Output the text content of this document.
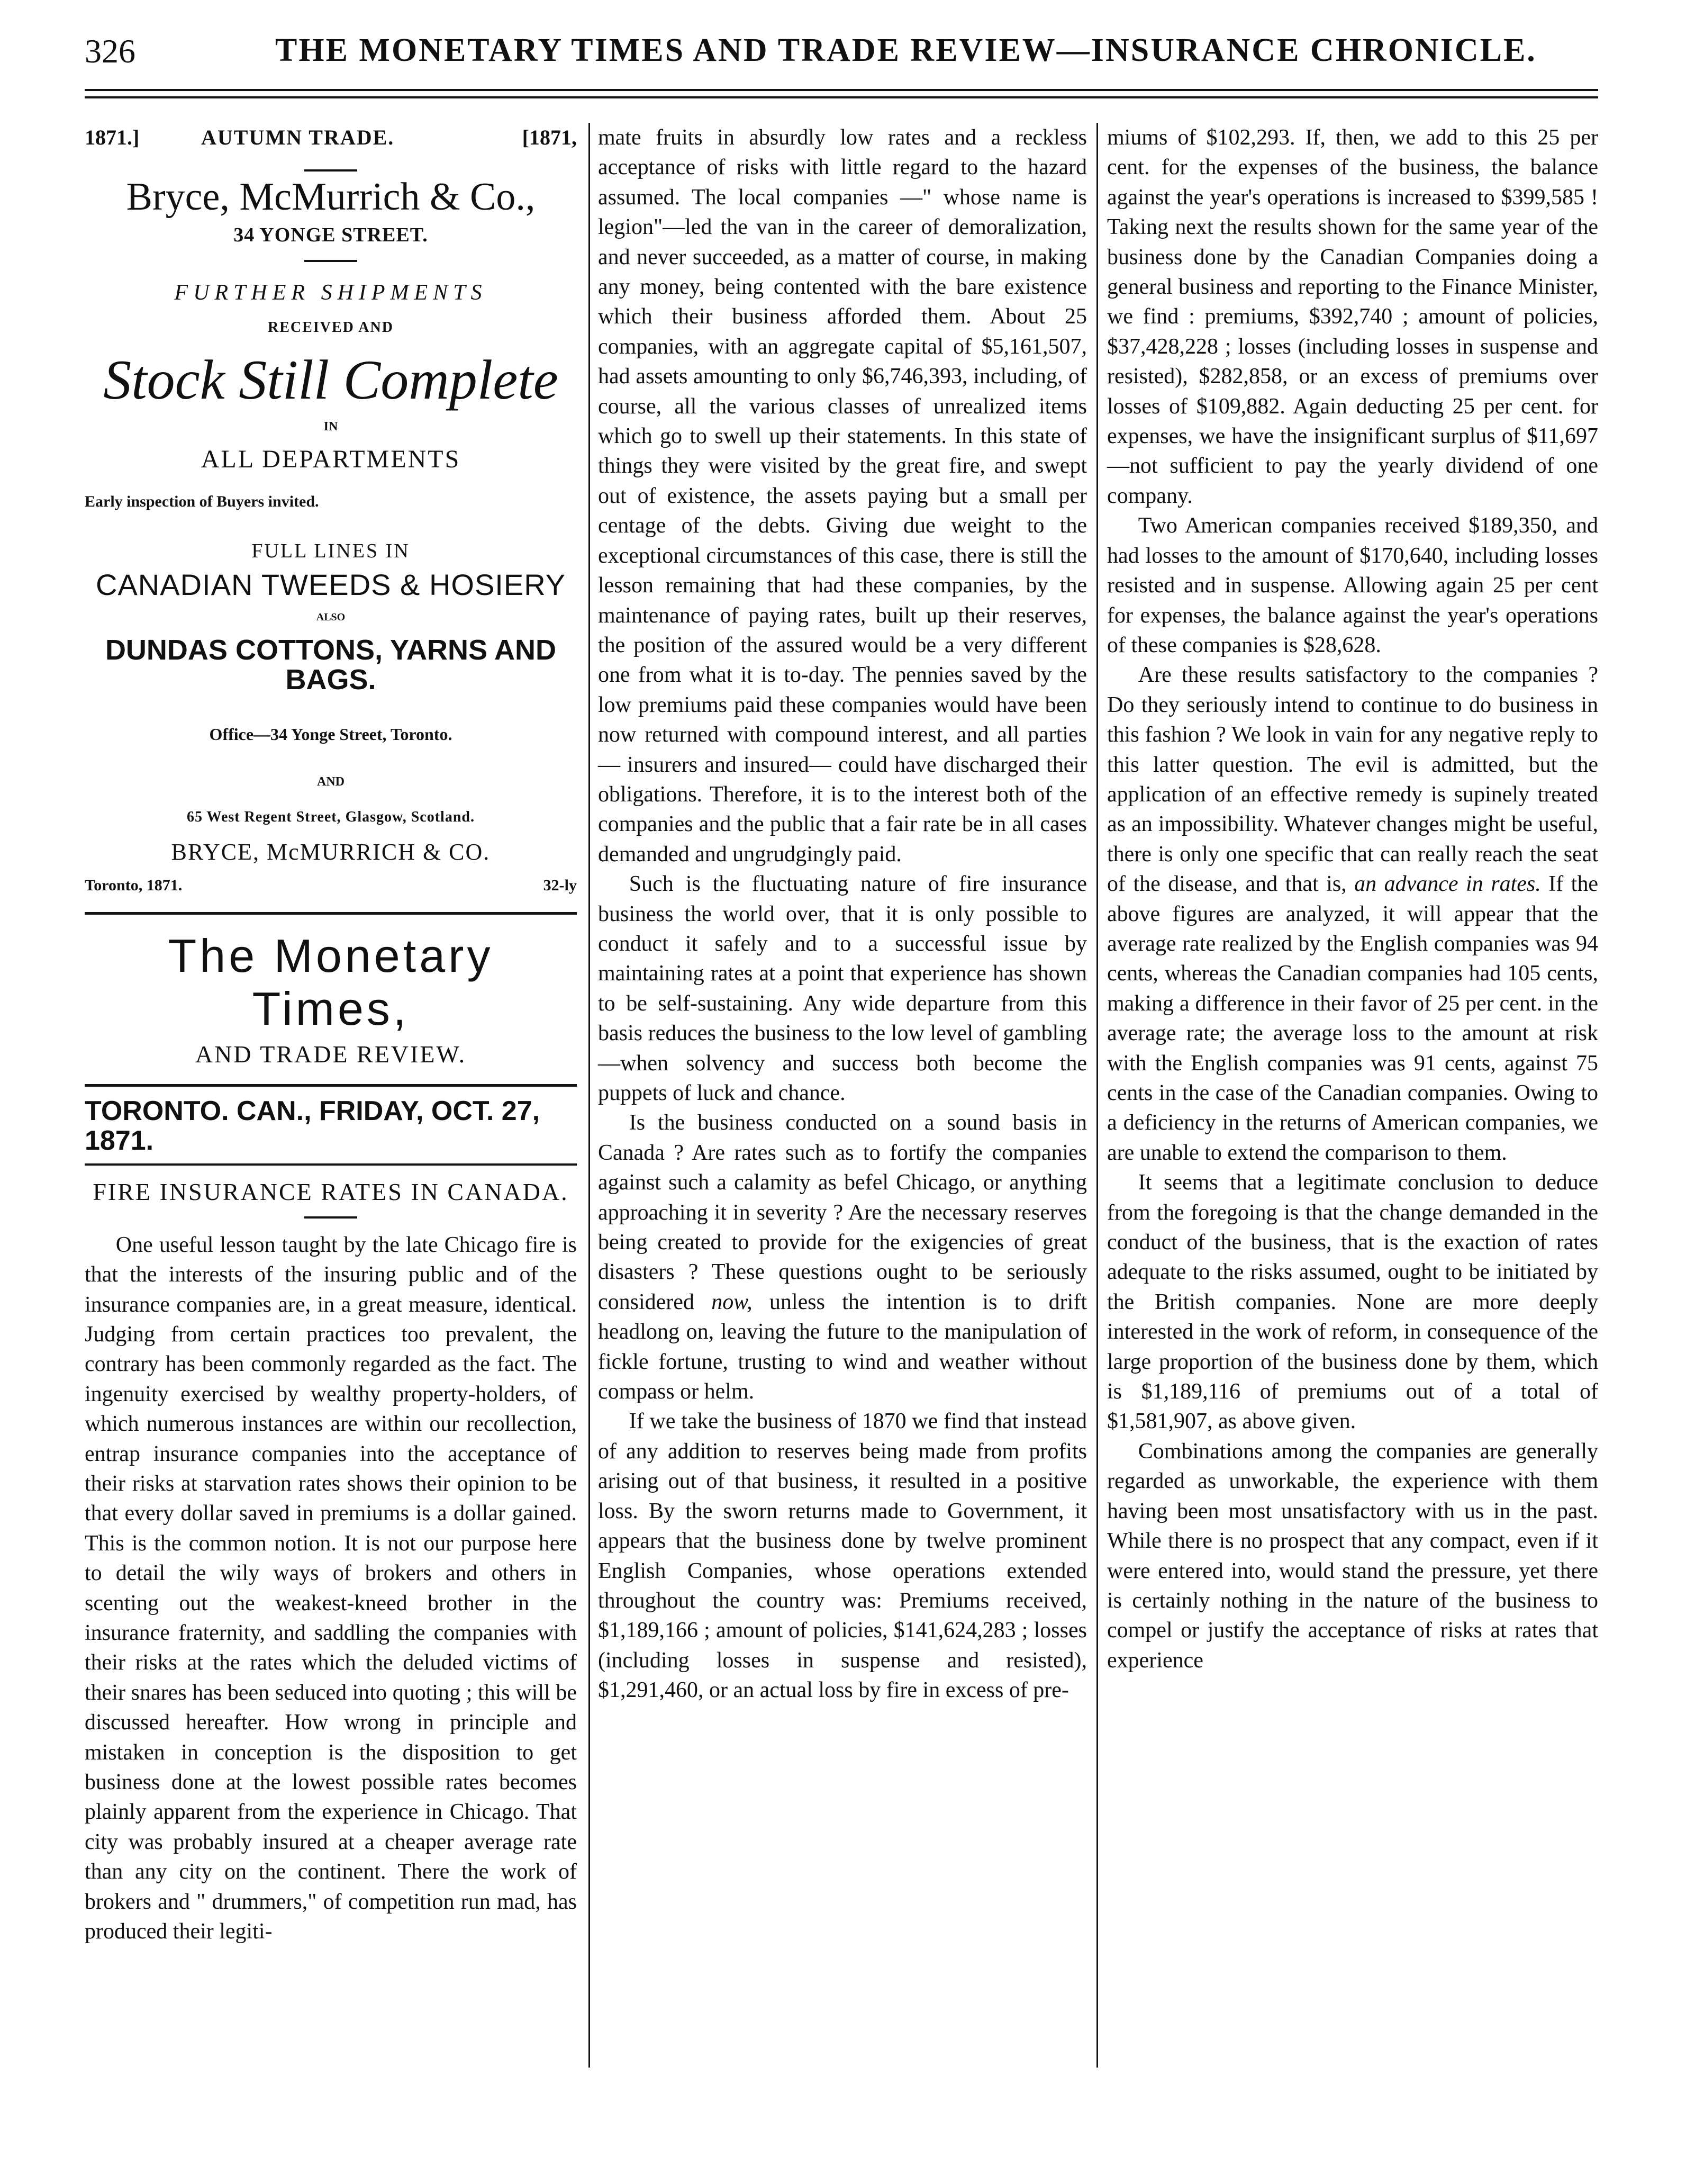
326	THE MONETARY TIMES AND TRADE REVIEW—INSURANCE CHRONICLE.
1871.]	AUTUMN TRADE.	[1871,
Bryce, McMurrich & Co.,
34 YONGE STREET.
FURTHER SHIPMENTS
RECEIVED AND
Stock Still Complete
IN
ALL DEPARTMENTS
Early inspection of Buyers invited.
FULL LINES IN
CANADIAN TWEEDS & HOSIERY
ALSO
DUNDAS COTTONS, YARNS AND BAGS.
Office—34 Yonge Street, Toronto.
AND
65 West Regent Street, Glasgow, Scotland.
BRYCE, McMURRICH & CO.
Toronto, 1871.	32-ly
The Monetary Times,
AND TRADE REVIEW.
TORONTO. CAN., FRIDAY, OCT. 27, 1871.
FIRE INSURANCE RATES IN CANADA.

One useful lesson taught by the late Chicago fire is that the interests of the insuring public and of the insurance companies are, in a great measure, identical. Judging from certain practices too prevalent, the contrary has been commonly regarded as the fact. The ingenuity exercised by wealthy property-holders, of which numerous instances are within our recollection, entrap insurance companies into the acceptance of their risks at starvation rates shows their opinion to be that every dollar saved in premiums is a dollar gained. This is the common notion. It is not our purpose here to detail the wily ways of brokers and others in scenting out the weakest-kneed brother in the insurance fraternity, and saddling the companies with their risks at the rates which the deluded victims of their snares has been seduced into quoting ; this will be discussed hereafter. How wrong in principle and mistaken in conception is the disposition to get business done at the lowest possible rates becomes plainly apparent from the experience in Chicago. That city was probably insured at a cheaper average rate than any city on the continent. There the work of brokers and " drummers," of competition run mad, has produced their legiti-

mate fruits in absurdly low rates and a reckless acceptance of risks with little regard to the hazard assumed. The local companies —" whose name is legion"—led the van in the career of demoralization, and never succeeded, as a matter of course, in making any money, being contented with the bare existence which their business afforded them. About 25 companies, with an aggregate capital of $5,161,507, had assets amounting to only $6,746,393, including, of course, all the various classes of unrealized items which go to swell up their statements. In this state of things they were visited by the great fire, and swept out of existence, the assets paying but a small per centage of the debts. Giving due weight to the exceptional circumstances of this case, there is still the lesson remaining that had these companies, by the maintenance of paying rates, built up their reserves, the position of the assured would be a very different one from what it is to-day. The pennies saved by the low premiums paid these companies would have been now returned with compound interest, and all parties — insurers and insured— could have discharged their obligations. Therefore, it is to the interest both of the companies and the public that a fair rate be in all cases demanded and ungrudgingly paid.

Such is the fluctuating nature of fire insurance business the world over, that it is only possible to conduct it safely and to a successful issue by maintaining rates at a point that experience has shown to be self-sustaining. Any wide departure from this basis reduces the business to the low level of gambling—when solvency and success both become the puppets of luck and chance.

Is the business conducted on a sound basis in Canada ? Are rates such as to fortify the companies against such a calamity as befel Chicago, or anything approaching it in severity ? Are the necessary reserves being created to provide for the exigencies of great disasters ? These questions ought to be seriously considered now, unless the intention is to drift headlong on, leaving the future to the manipulation of fickle fortune, trusting to wind and weather without compass or helm.

If we take the business of 1870 we find that instead of any addition to reserves being made from profits arising out of that business, it resulted in a positive loss. By the sworn returns made to Government, it appears that the business done by twelve prominent English Companies, whose operations extended throughout the country was: Premiums received, $1,189,166 ; amount of policies, $141,624,283 ; losses (including losses in suspense and resisted), $1,291,460, or an actual loss by fire in excess of pre-

miums of $102,293. If, then, we add to this 25 per cent. for the expenses of the business, the balance against the year's operations is increased to $399,585 ! Taking next the results shown for the same year of the business done by the Canadian Companies doing a general business and reporting to the Finance Minister, we find : premiums, $392,740 ; amount of policies, $37,428,228 ; losses (including losses in suspense and resisted), $282,858, or an excess of premiums over losses of $109,882. Again deducting 25 per cent. for expenses, we have the insignificant surplus of $11,697—not sufficient to pay the yearly dividend of one company.

Two American companies received $189,350, and had losses to the amount of $170,640, including losses resisted and in suspense. Allowing again 25 per cent for expenses, the balance against the year's operations of these companies is $28,628.

Are these results satisfactory to the companies ? Do they seriously intend to continue to do business in this fashion ? We look in vain for any negative reply to this latter question. The evil is admitted, but the application of an effective remedy is supinely treated as an impossibility. Whatever changes might be useful, there is only one specific that can really reach the seat of the disease, and that is, an advance in rates. If the above figures are analyzed, it will appear that the average rate realized by the English companies was 94 cents, whereas the Canadian companies had 105 cents, making a difference in their favor of 25 per cent. in the average rate; the average loss to the amount at risk with the English companies was 91 cents, against 75 cents in the case of the Canadian companies. Owing to a deficiency in the returns of American companies, we are unable to extend the comparison to them.

It seems that a legitimate conclusion to deduce from the foregoing is that the change demanded in the conduct of the business, that is the exaction of rates adequate to the risks assumed, ought to be initiated by the British companies. None are more deeply interested in the work of reform, in consequence of the large proportion of the business done by them, which is $1,189,116 of premiums out of a total of $1,581,907, as above given.

Combinations among the companies are generally regarded as unworkable, the experience with them having been most unsatisfactory with us in the past. While there is no prospect that any compact, even if it were entered into, would stand the pressure, yet there is certainly nothing in the nature of the business to compel or justify the acceptance of risks at rates that experience
